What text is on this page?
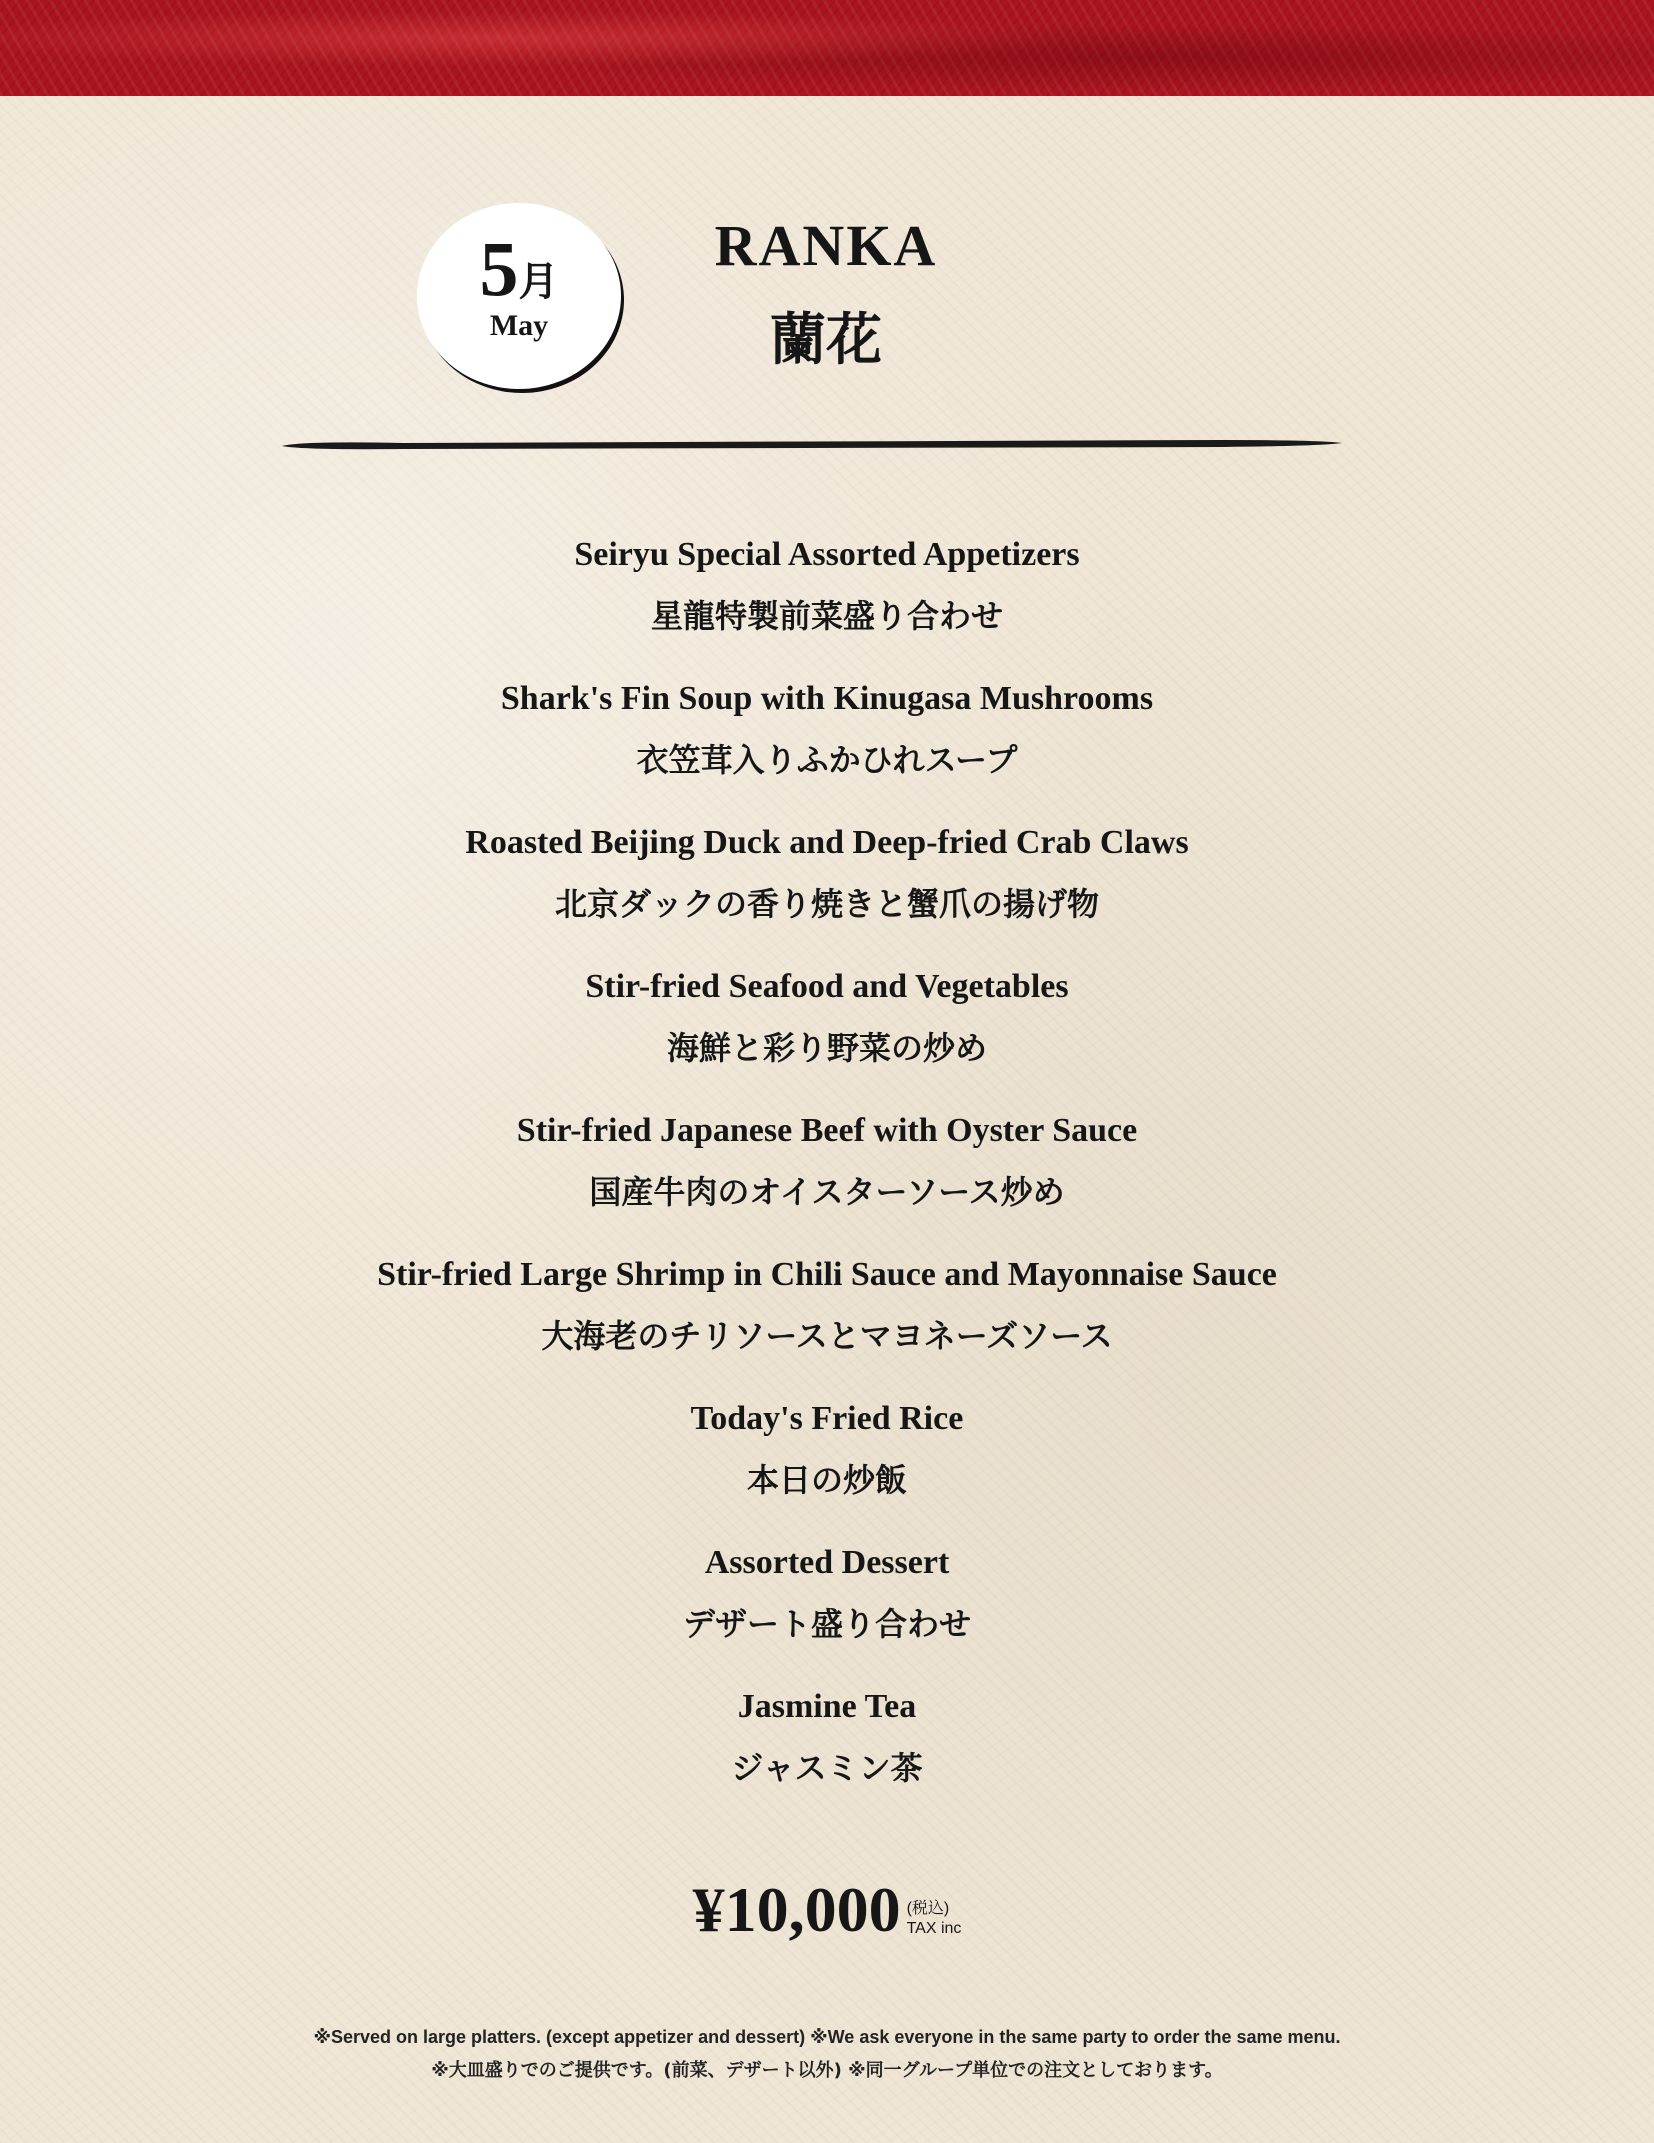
5月
May
RANKA
蘭花
Seiryu Special Assorted Appetizers
星龍特製前菜盛り合わせ
Shark's Fin Soup with Kinugasa Mushrooms
衣笠茸入りふかひれスープ
Roasted Beijing Duck and Deep-fried Crab Claws
北京ダックの香り焼きと蟹爪の揚げ物
Stir-fried Seafood and Vegetables
海鮮と彩り野菜の炒め
Stir-fried Japanese Beef with Oyster Sauce
国産牛肉のオイスターソース炒め
Stir-fried Large Shrimp in Chili Sauce and Mayonnaise Sauce
大海老のチリソースとマヨネーズソース
Today's Fried Rice
本日の炒飯
Assorted Dessert
デザート盛り合わせ
Jasmine Tea
ジャスミン茶
¥10,000 (税込)
TAX inc
※Served on large platters. (except appetizer and dessert) ※We ask everyone in the same party to order the same menu.
※大皿盛りでのご提供です。(前菜、デザート以外) ※同一グループ単位での注文としております。
